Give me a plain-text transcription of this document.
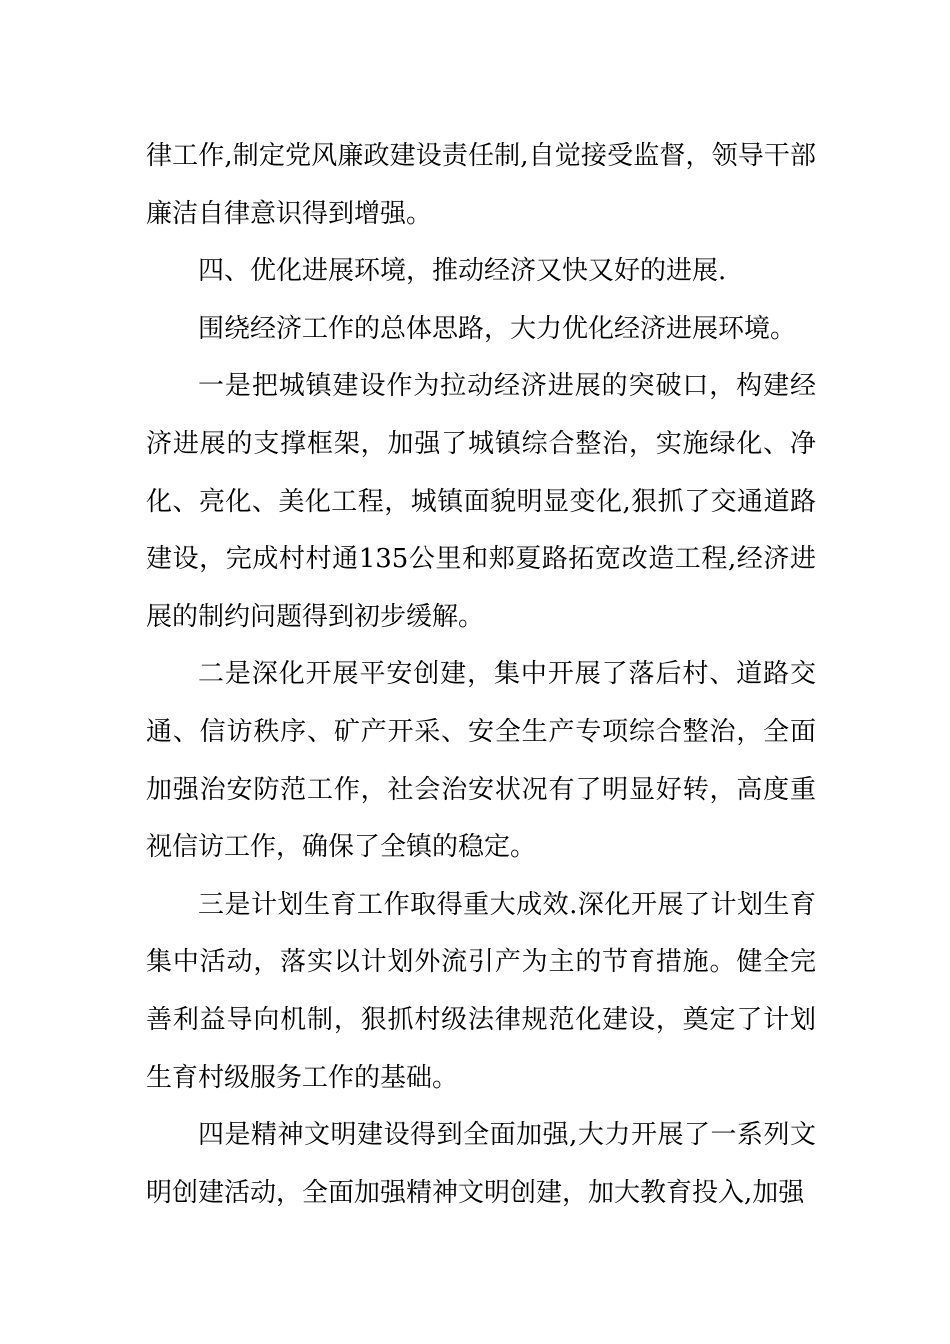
律工作,制定党风廉政建设责任制,自觉接受监督，领导干部廉洁自律意识得到增强。

四、优化进展环境，推动经济又快又好的进展.

围绕经济工作的总体思路，大力优化经济进展环境。

一是把城镇建设作为拉动经济进展的突破口，构建经济进展的支撑框架，加强了城镇综合整治，实施绿化、净化、亮化、美化工程，城镇面貌明显变化,狠抓了交通道路建设，完成村村通135公里和郏夏路拓宽改造工程,经济进展的制约问题得到初步缓解。

二是深化开展平安创建，集中开展了落后村、道路交通、信访秩序、矿产开采、安全生产专项综合整治，全面加强治安防范工作，社会治安状况有了明显好转，高度重视信访工作，确保了全镇的稳定。

三是计划生育工作取得重大成效.深化开展了计划生育集中活动，落实以计划外流引产为主的节育措施。健全完善利益导向机制，狠抓村级法律规范化建设，奠定了计划生育村级服务工作的基础。

四是精神文明建设得到全面加强,大力开展了一系列文明创建活动，全面加强精神文明创建，加大教育投入,加强
